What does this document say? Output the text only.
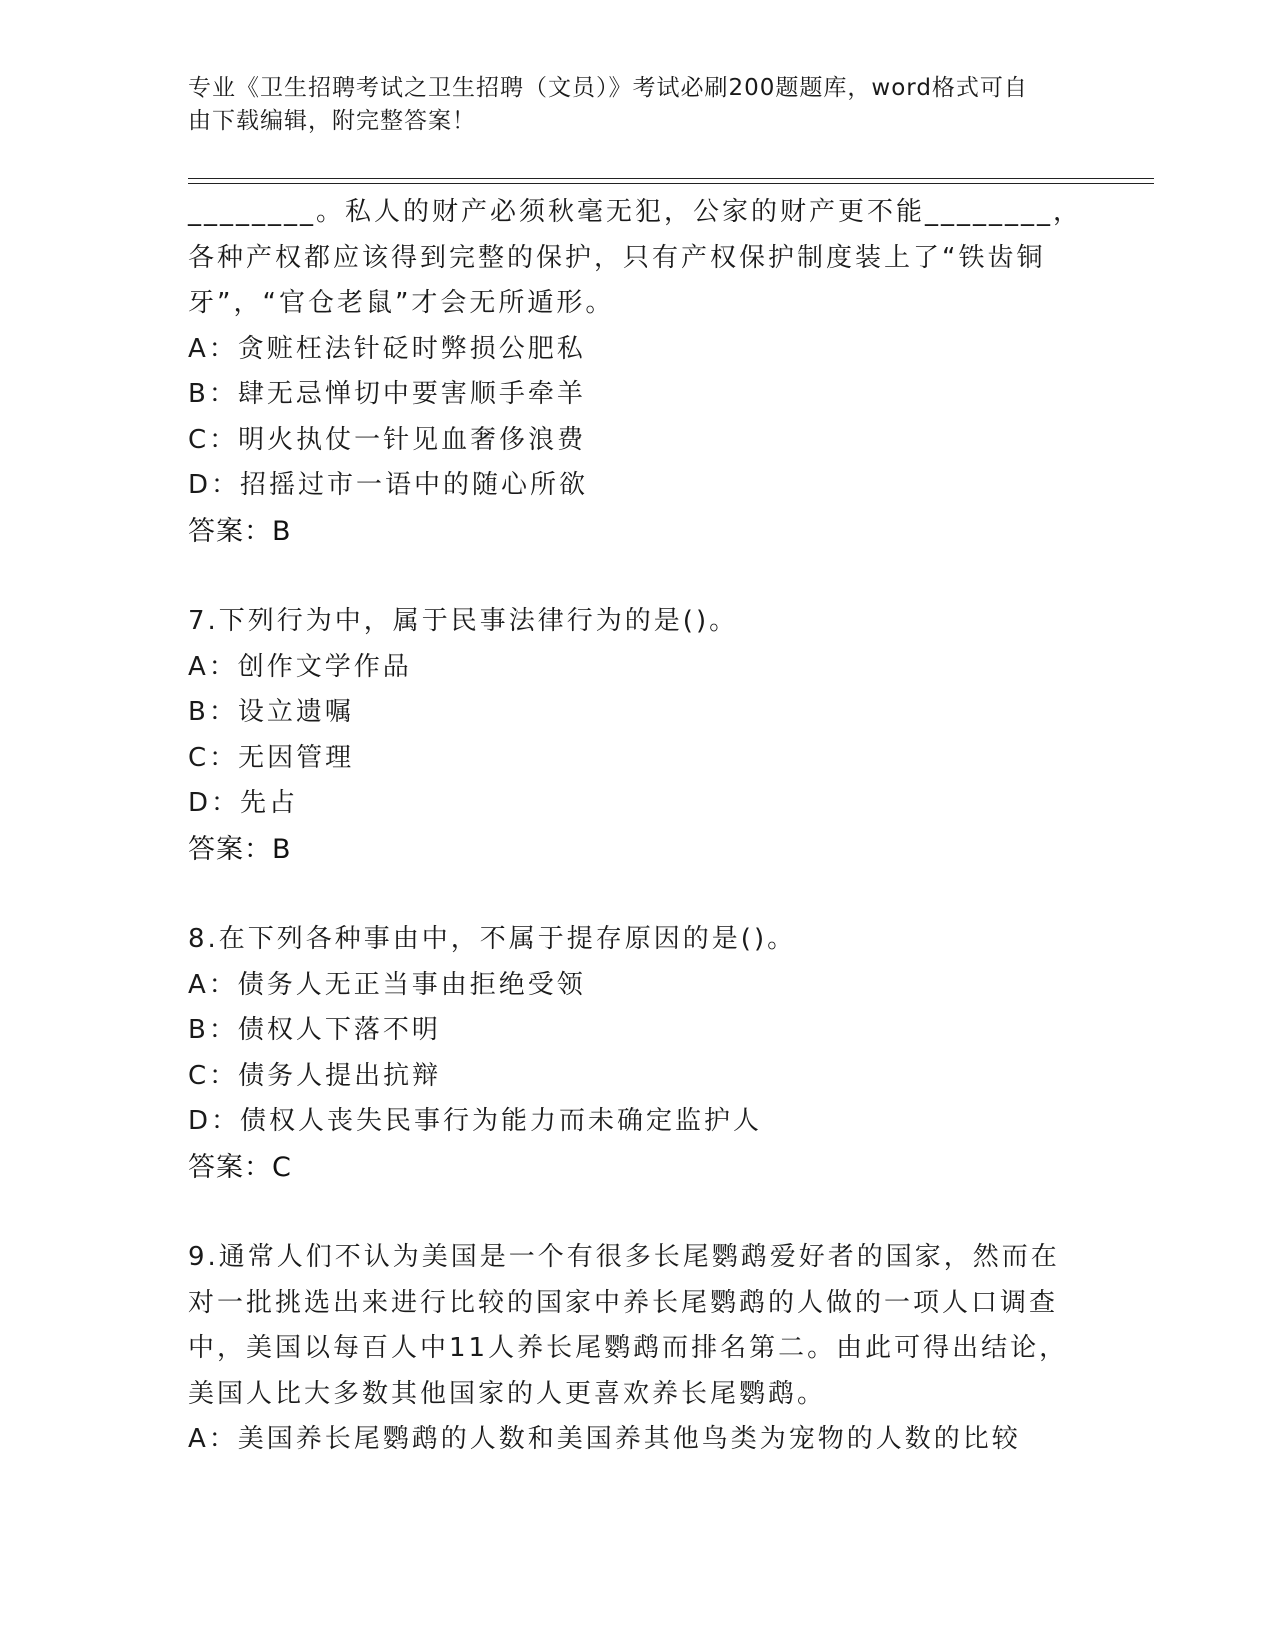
专业《卫生招聘考试之卫生招聘（文员）》考试必刷200题题库，word格式可自
由下载编辑，附完整答案！
________。私人的财产必须秋毫无犯，公家的财产更不能________，
各种产权都应该得到完整的保护，只有产权保护制度装上了“铁齿铜
牙”，“官仓老鼠”才会无所遁形。
A：贪赃枉法针砭时弊损公肥私
B：肆无忌惮切中要害顺手牵羊
C：明火执仗一针见血奢侈浪费
D：招摇过市一语中的随心所欲
答案：B
7.下列行为中，属于民事法律行为的是()。
A：创作文学作品
B：设立遗嘱
C：无因管理
D：先占
答案：B
8.在下列各种事由中，不属于提存原因的是()。
A：债务人无正当事由拒绝受领
B：债权人下落不明
C：债务人提出抗辩
D：债权人丧失民事行为能力而未确定监护人
答案：C
9.通常人们不认为美国是一个有很多长尾鹦鹉爱好者的国家，然而在
对一批挑选出来进行比较的国家中养长尾鹦鹉的人做的一项人口调查
中，美国以每百人中11人养长尾鹦鹉而排名第二。由此可得出结论，
美国人比大多数其他国家的人更喜欢养长尾鹦鹉。
A：美国养长尾鹦鹉的人数和美国养其他鸟类为宠物的人数的比较
